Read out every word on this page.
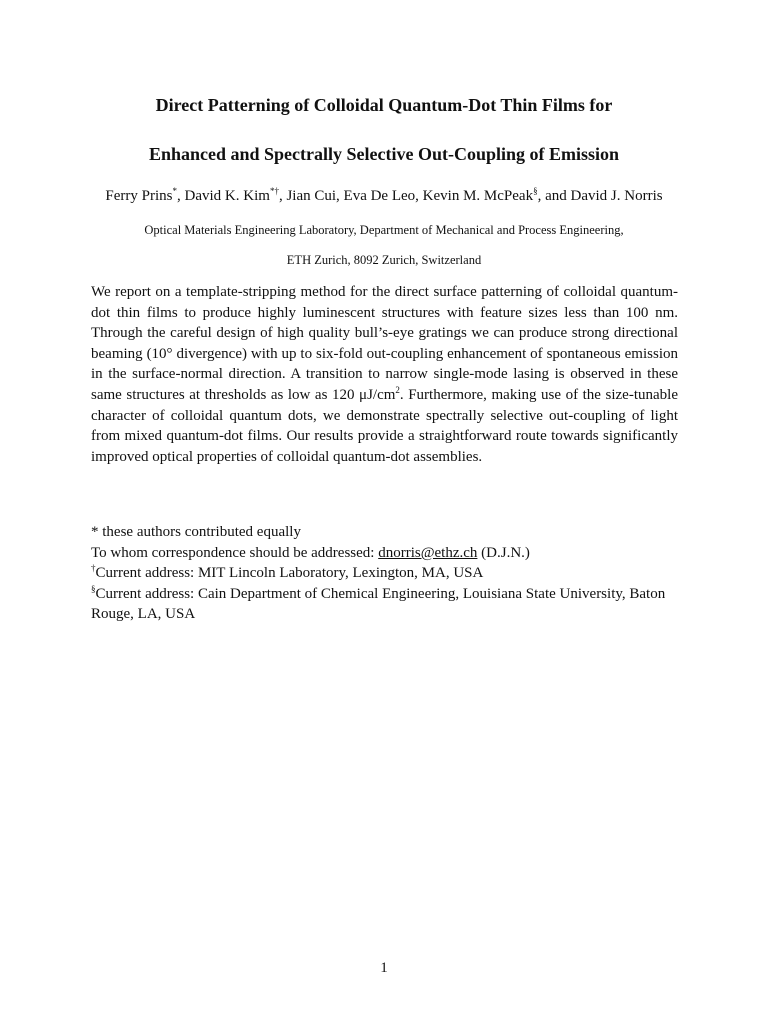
Direct Patterning of Colloidal Quantum-Dot Thin Films for
Enhanced and Spectrally Selective Out-Coupling of Emission
Ferry Prins*, David K. Kim*†, Jian Cui, Eva De Leo, Kevin M. McPeak§, and David J. Norris
Optical Materials Engineering Laboratory, Department of Mechanical and Process Engineering,
ETH Zurich, 8092 Zurich, Switzerland

We report on a template-stripping method for the direct surface patterning of colloidal quantum-dot thin films to produce highly luminescent structures with feature sizes less than 100 nm. Through the careful design of high quality bull’s-eye gratings we can produce strong directional beaming (10° divergence) with up to six-fold out-coupling enhancement of spontaneous emission in the surface-normal direction. A transition to narrow single-mode lasing is observed in these same structures at thresholds as low as 120 $\mu J/cm^2$. Furthermore, making use of the size-tunable character of colloidal quantum dots, we demonstrate spectrally selective out-coupling of light from mixed quantum-dot films. Our results provide a straightforward route towards significantly improved optical properties of colloidal quantum-dot assemblies.

* these authors contributed equally
To whom correspondence should be addressed: dnorris@ethz.ch (D.J.N.)
†Current address: MIT Lincoln Laboratory, Lexington, MA, USA
§Current address: Cain Department of Chemical Engineering, Louisiana State University, Baton Rouge, LA, USA
1
